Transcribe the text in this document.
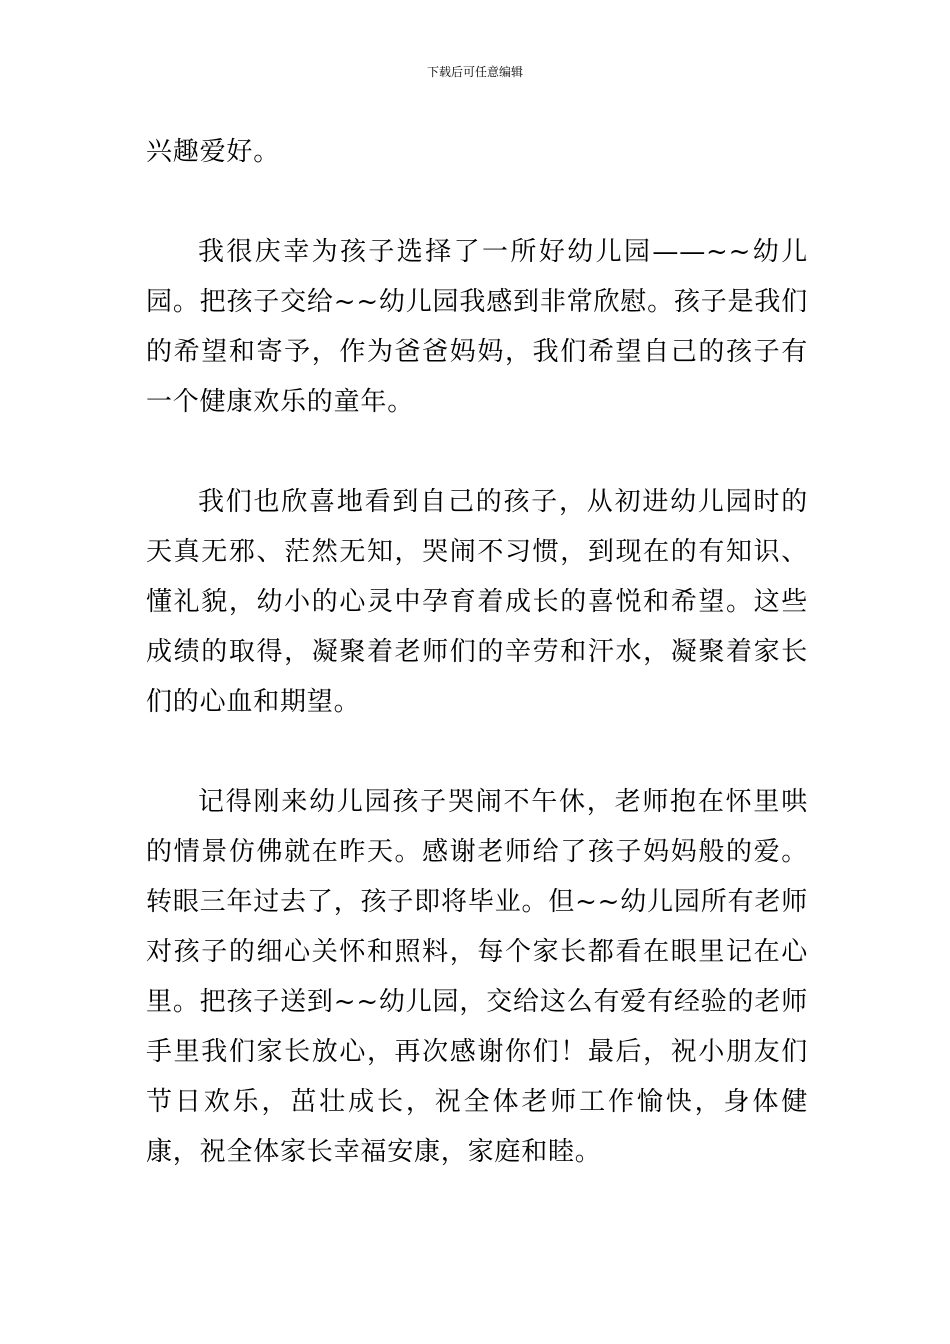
下载后可任意编辑

兴趣爱好。

我很庆幸为孩子选择了一所好幼儿园——~~幼儿园。把孩子交给~~幼儿园我感到非常欣慰。孩子是我们的希望和寄予，作为爸爸妈妈，我们希望自己的孩子有一个健康欢乐的童年。

我们也欣喜地看到自己的孩子，从初进幼儿园时的天真无邪、茫然无知，哭闹不习惯，到现在的有知识、懂礼貌，幼小的心灵中孕育着成长的喜悦和希望。这些成绩的取得，凝聚着老师们的辛劳和汗水，凝聚着家长们的心血和期望。

记得刚来幼儿园孩子哭闹不午休，老师抱在怀里哄的情景仿佛就在昨天。感谢老师给了孩子妈妈般的爱。转眼三年过去了，孩子即将毕业。但~~幼儿园所有老师对孩子的细心关怀和照料，每个家长都看在眼里记在心里。把孩子送到~~幼儿园，交给这么有爱有经验的老师手里我们家长放心，再次感谢你们！最后，祝小朋友们节日欢乐，茁壮成长，祝全体老师工作愉快，身体健康，祝全体家长幸福安康，家庭和睦。
